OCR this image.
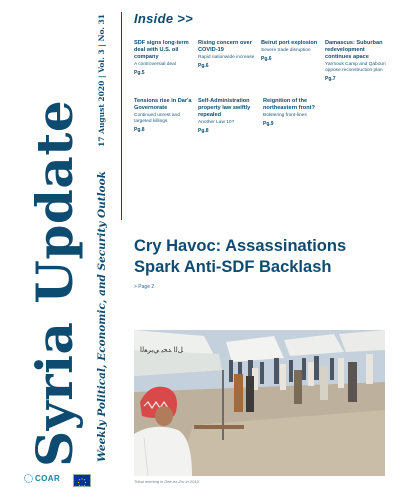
Syria Update
17 August 2020 | Vol. 3 | No. 31
Weekly Political, Economic, and Security Outlook
Inside >>
SDF signs long-term deal with U.S. oil company
A controversial deal
Pg.5
Rising concern over COVID-19
Rapid nationwide increase
Pg.6
Beirut port explosion
Severe trade disruption
Pg.6
Damascus: Suburban redevelopment continues apace
Yarmouk Camp and Qaboun oppose reconstruction plan
Pg.7
Tensions rise in Dar'a Governorate
Continued unrest and targeted killings
Pg.8
Self-Administration property law swiftly repealed
Another Law 10?
Pg.8
Reignition of the northeastern front?
Bolstering front-lines
Pg.9
Cry Havoc: Assassinations Spark Anti-SDF Backlash
> Page 2
ﻞﻟﺍ ﺪﺤﻳ ﻲﺑﺮﻌﻟﺍ
Tribal meeting in Deir-ez-Zor in 2019
COAR
